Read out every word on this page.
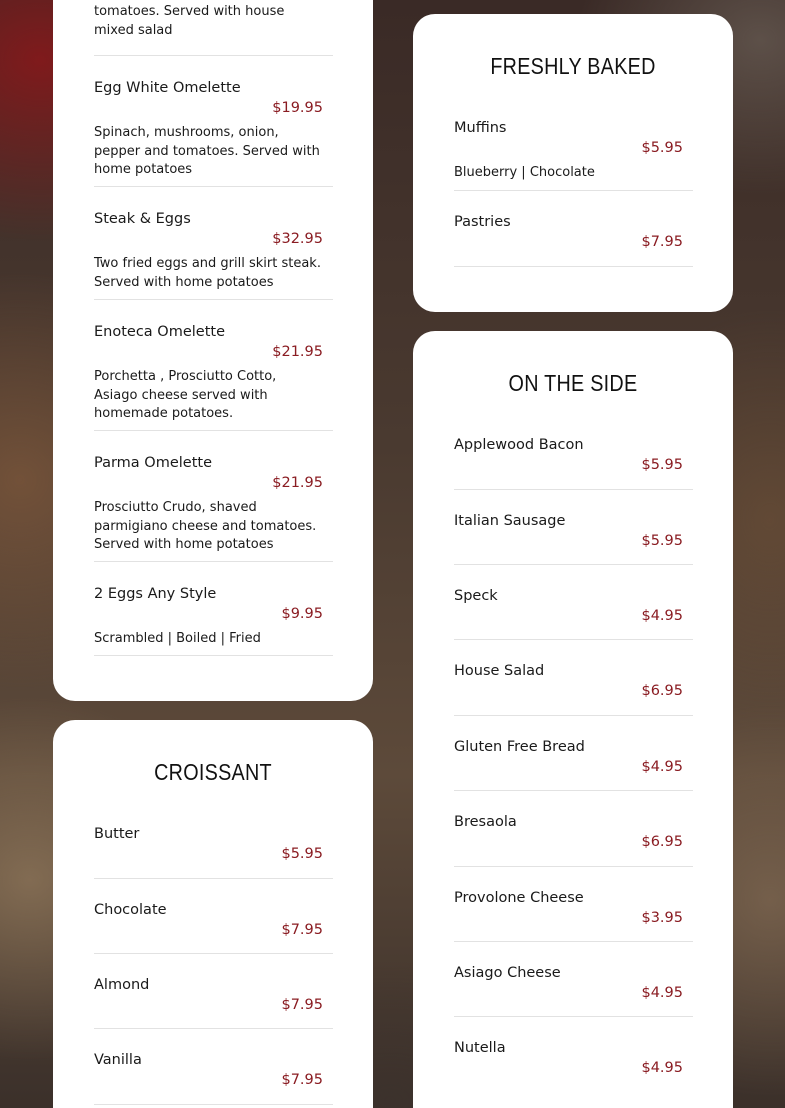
tomatoes. Served with house mixed salad
Egg White Omelette
$19.95
Spinach, mushrooms, onion, pepper and tomatoes. Served with home potatoes
Steak & Eggs
$32.95
Two fried eggs and grill skirt steak. Served with home potatoes
Enoteca Omelette
$21.95
Porchetta , Prosciutto Cotto, Asiago cheese served with homemade potatoes.
Parma Omelette
$21.95
Prosciutto Crudo, shaved parmigiano cheese and tomatoes. Served with home potatoes
2 Eggs Any Style
$9.95
Scrambled | Boiled | Fried
CROISSANT
Butter
$5.95
Chocolate
$7.95
Almond
$7.95
Vanilla
$7.95
FRESHLY BAKED
Muffins
$5.95
Blueberry | Chocolate
Pastries
$7.95
ON THE SIDE
Applewood Bacon
$5.95
Italian Sausage
$5.95
Speck
$4.95
House Salad
$6.95
Gluten Free Bread
$4.95
Bresaola
$6.95
Provolone Cheese
$3.95
Asiago Cheese
$4.95
Nutella
$4.95
